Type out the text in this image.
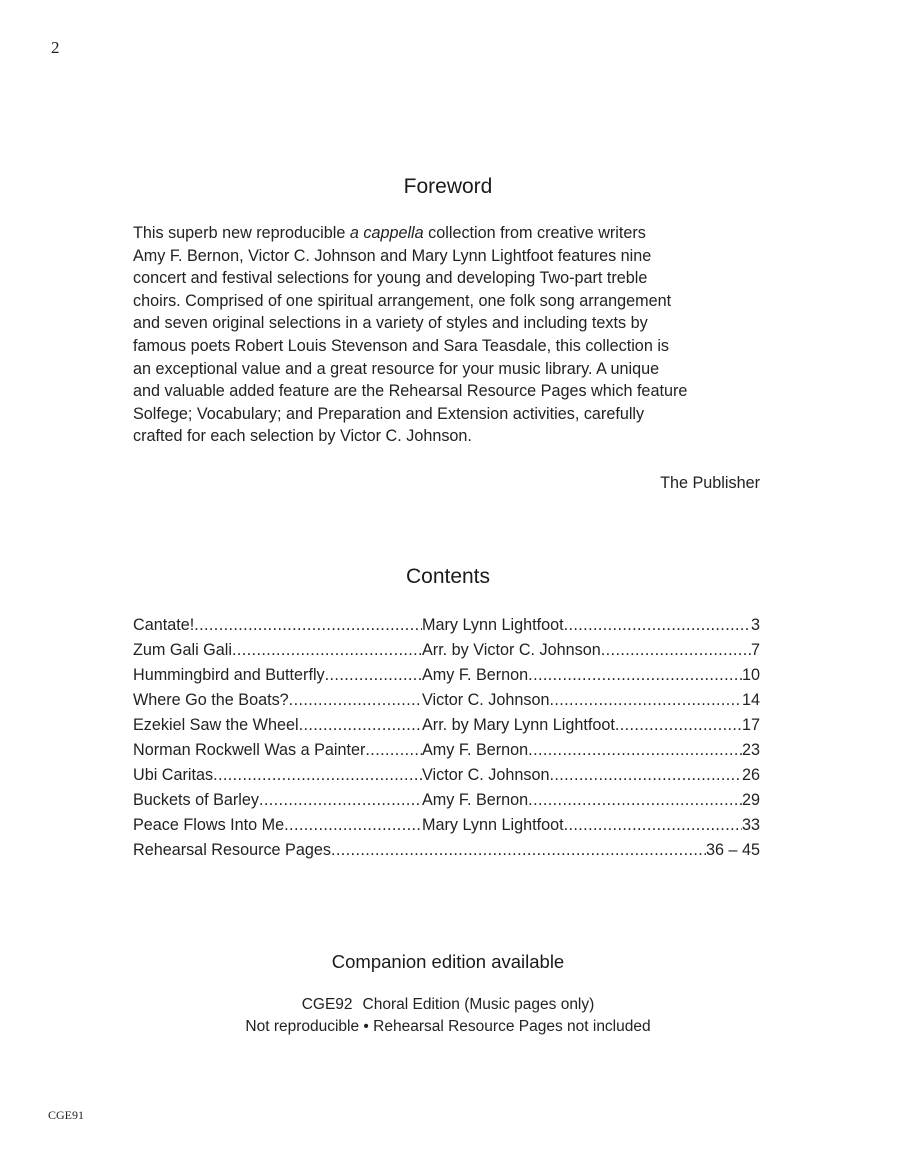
2
Foreword
This superb new reproducible a cappella collection from creative writers
Amy F. Bernon, Victor C. Johnson and Mary Lynn Lightfoot features nine
concert and festival selections for young and developing Two-part treble
choirs. Comprised of one spiritual arrangement, one folk song arrangement
and seven original selections in a variety of styles and including texts by
famous poets Robert Louis Stevenson and Sara Teasdale, this collection is
an exceptional value and a great resource for your music library. A unique
and valuable added feature are the Rehearsal Resource Pages which feature
Solfege; Vocabulary; and Preparation and Extension activities, carefully
crafted for each selection by Victor C. Johnson.
The Publisher
Contents
Cantate! .....	Mary Lynn Lightfoot .....	3
Zum Gali Gali .....	Arr. by Victor C. Johnson .....	7
Hummingbird and Butterfly .....	Amy F. Bernon .....	10
Where Go the Boats? .....	Victor C. Johnson .....	14
Ezekiel Saw the Wheel .....	Arr. by Mary Lynn Lightfoot .....	17
Norman Rockwell Was a Painter .....	Amy F. Bernon .....	23
Ubi Caritas .....	Victor C. Johnson .....	26
Buckets of Barley .....	Amy F. Bernon .....	29
Peace Flows Into Me .....	Mary Lynn Lightfoot .....	33
Rehearsal Resource Pages .....	36 – 45
Companion edition available
CGE92 Choral Edition (Music pages only)
Not reproducible • Rehearsal Resource Pages not included
CGE91
